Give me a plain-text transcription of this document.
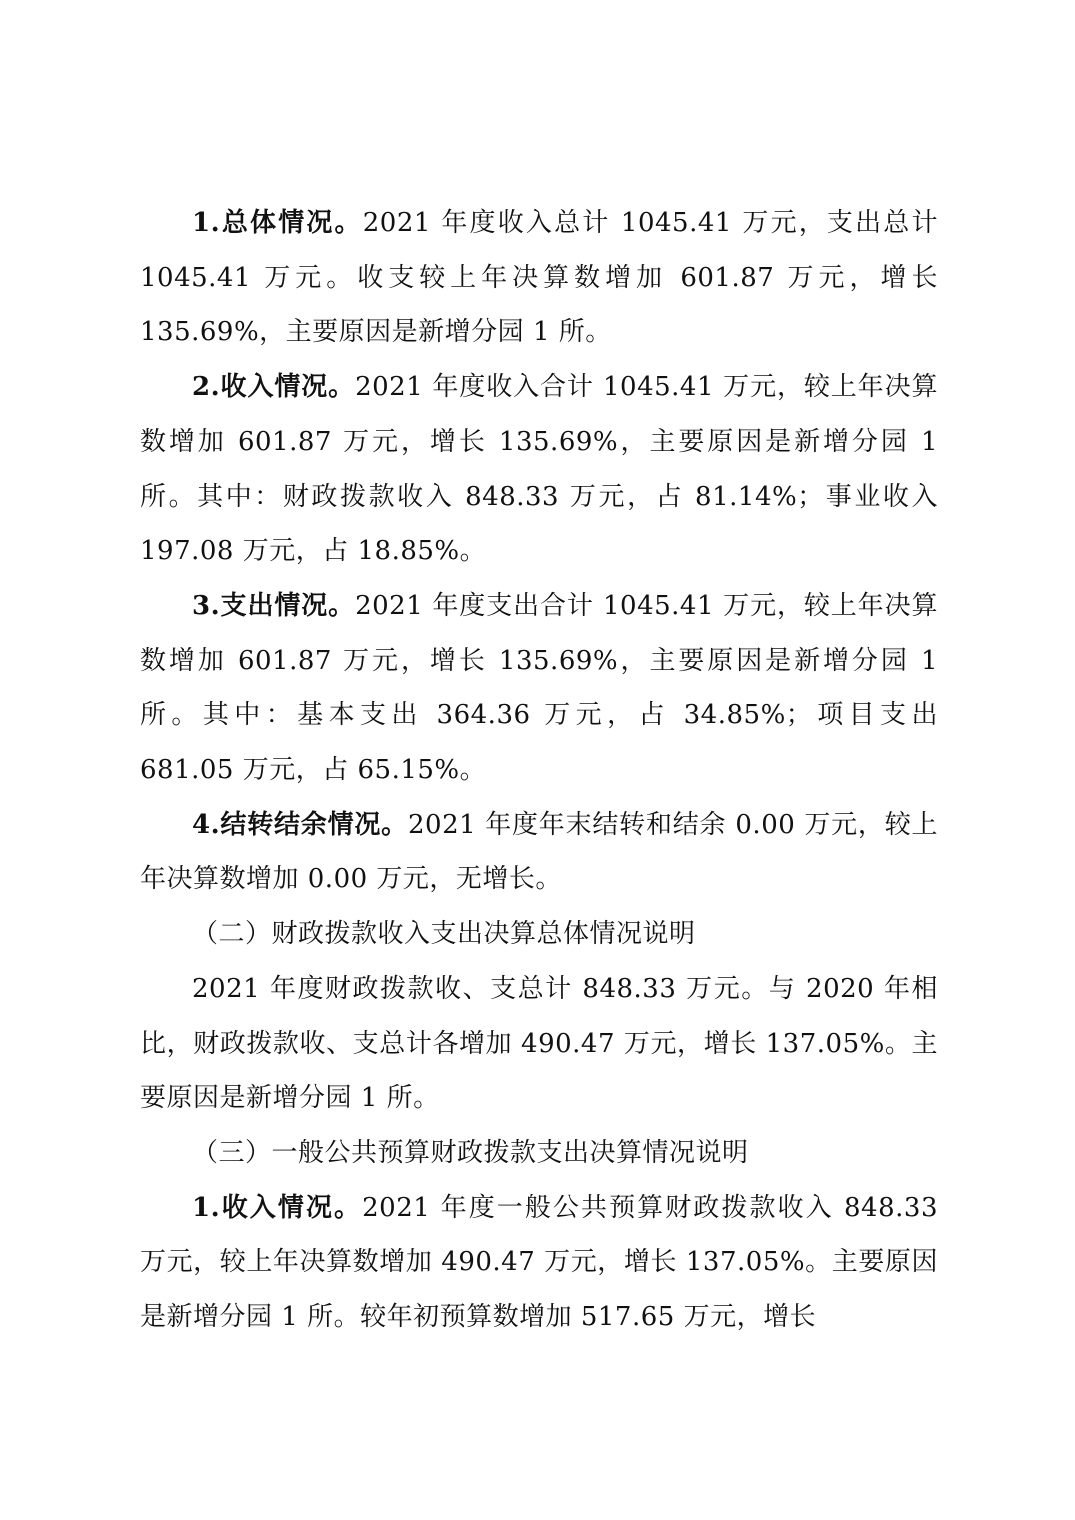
1.总体情况。2021 年度收入总计 1045.41 万元，支出总计 1045.41 万元。收支较上年决算数增加 601.87 万元，增长 135.69%，主要原因是新增分园 1 所。

2.收入情况。2021 年度收入合计 1045.41 万元，较上年决算数增加 601.87 万元，增长 135.69%，主要原因是新增分园 1 所。其中：财政拨款收入 848.33 万元，占 81.14%；事业收入 197.08 万元，占 18.85%。

3.支出情况。2021 年度支出合计 1045.41 万元，较上年决算数增加 601.87 万元，增长 135.69%，主要原因是新增分园 1 所。其中：基本支出 364.36 万元，占 34.85%；项目支出 681.05 万元，占 65.15%。

4.结转结余情况。2021 年度年末结转和结余 0.00 万元，较上年决算数增加 0.00 万元，无增长。

（二）财政拨款收入支出决算总体情况说明

2021 年度财政拨款收、支总计 848.33 万元。与 2020 年相比，财政拨款收、支总计各增加 490.47 万元，增长 137.05%。主要原因是新增分园 1 所。

（三）一般公共预算财政拨款支出决算情况说明

1.收入情况。2021 年度一般公共预算财政拨款收入 848.33 万元，较上年决算数增加 490.47 万元，增长 137.05%。主要原因是新增分园 1 所。较年初预算数增加 517.65 万元，增长
